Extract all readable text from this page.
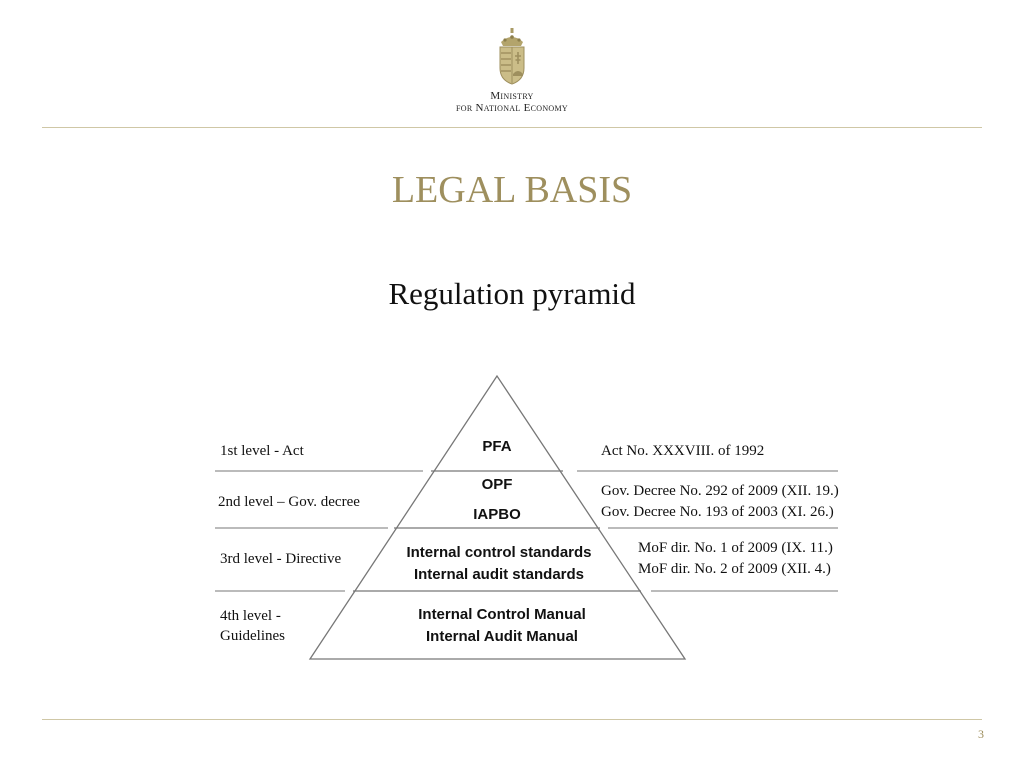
Ministry
for National Economy
LEGAL BASIS
Regulation pyramid
1st level - Act
2nd level – Gov. decree
3rd level - Directive
4th level -
Guidelines
PFA
OPF
IAPBO
Internal control standards
Internal audit standards
Internal Control Manual
Internal Audit Manual
Act No. XXXVIII. of 1992
Gov. Decree No. 292 of 2009 (XII. 19.)
Gov. Decree No. 193 of 2003 (XI. 26.)
MoF dir. No. 1 of 2009 (IX. 11.)
MoF dir. No. 2 of 2009 (XII. 4.)
3
